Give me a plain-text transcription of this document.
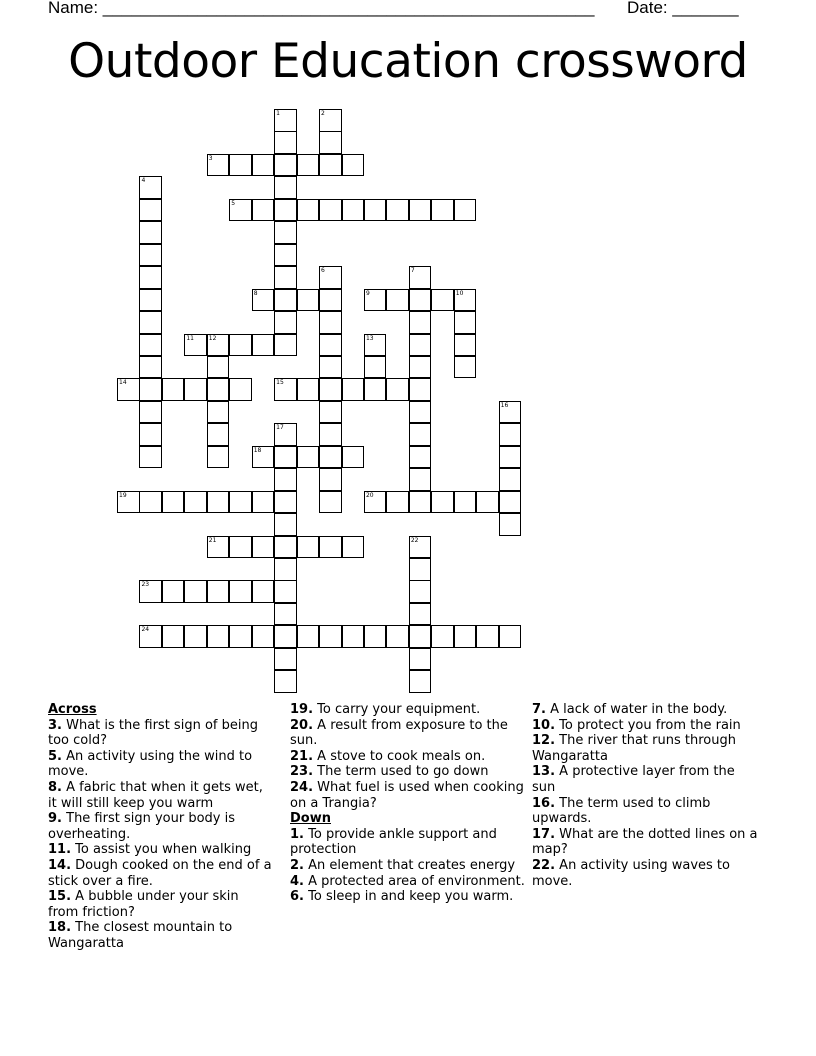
Name: ____________________________________________________ Date: _______
Outdoor Education crossword
1	2
3
4
5
6	7
8	9	10
11 12	13
14	15
16
17
18
19	20
21	22
23
24
Across
3. What is the first sign of being too cold?
5. An activity using the wind to move.
8. A fabric that when it gets wet, it will still keep you warm
9. The first sign your body is overheating.
11. To assist you when walking
14. Dough cooked on the end of a stick over a fire.
15. A bubble under your skin from friction?
18. The closest mountain to Wangaratta
19. To carry your equipment.
20. A result from exposure to the sun.
21. A stove to cook meals on.
23. The term used to go down
24. What fuel is used when cooking on a Trangia?
Down
1. To provide ankle support and protection
2. An element that creates energy
4. A protected area of environment.
6. To sleep in and keep you warm.
7. A lack of water in the body.
10. To protect you from the rain
12. The river that runs through Wangaratta
13. A protective layer from the sun
16. The term used to climb upwards.
17. What are the dotted lines on a map?
22. An activity using waves to move.
